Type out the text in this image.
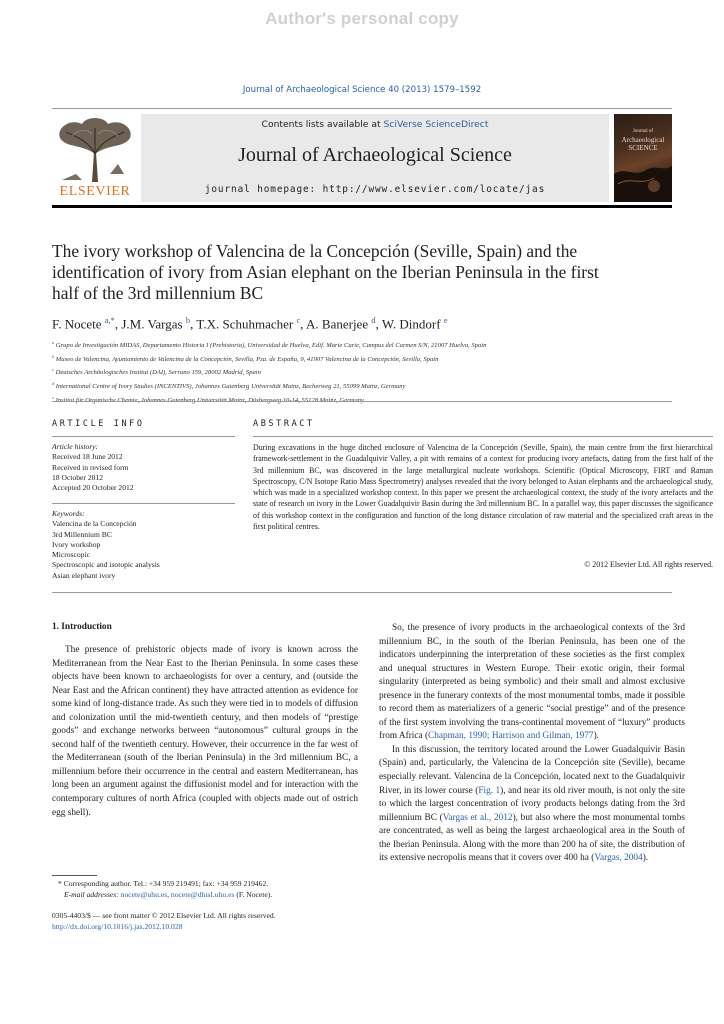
Author's personal copy
Journal of Archaeological Science 40 (2013) 1579–1592
ELSEVIER
Contents lists available at SciVerse ScienceDirect
Journal of Archaeological Science
journal homepage: http://www.elsevier.com/locate/jas
Journal of
Archaeological
SCIENCE
The ivory workshop of Valencina de la Concepción (Seville, Spain) and the
identification of ivory from Asian elephant on the Iberian Peninsula in the first
half of the 3rd millennium BC
F. Nocete $^{a,*}$, J.M. Vargas $^b$, T.X. Schuhmacher $^c$, A. Banerjee $^d$, W. Dindorf $^e$
$^a$ Grupo de Investigación MIDAS, Departamento Historia I (Prehistoria), Universidad de Huelva, Edif. Marie Curie, Campus del Carmen S/N, 21007 Huelva, Spain
$^b$ Museo de Valencina, Ayuntamiento de Valencina de la Concepción, Sevilla, Pza. de España, 9, 41907 Valencina de la Concepción, Sevilla, Spain
$^c$ Deutsches Archäologisches Institut (DAI), Serrano 159, 28002 Madrid, Spain
$^d$ International Centre of Ivory Studies (INCENTIVS), Johannes Gutenberg Universität Mainz, Becherweg 21, 55099 Mainz, Germany
$^e$
ARTICLE INFO	ABSTRACT
Article history:
Received 18 June 2012
Received in revised form
18 October 2012
Accepted 20 October 2012
Keywords:
Valencina de la Concepción
3rd Millennium BC
Ivory workshop
Microscopic
Spectroscopic and isotopic analysis
Asian elephant ivory
During excavations in the huge ditched enclosure of Valencina de la Concepción (Seville, Spain), the main centre from the first hierarchical framework-settlement in the Guadalquivir Valley, a pit with remains of a context for producing ivory artefacts, dating from the first half of the 3rd millennium BC, was discovered in the large metallurgical nucleate workshops. Scientific (Optical Microscopy, FIRT and Raman Spectroscopy, C/N Isotope Ratio Mass Spectrometry) analyses revealed that the ivory belonged to Asian elephants and the archaeological study, which was made in a specialized workshop context. In this paper we present the archaeological context, the study of the ivory artefacts and the state of research on ivory in the Lower Guadalquivir Basin during the 3rd millennium BC. In a parallel way, this paper discusses the significance of this workshop context in the configuration and function of the long distance circulation of raw material and the specialized craft areas in the first political centres.
© 2012 Elsevier Ltd. All rights reserved.
1. Introduction

The presence of prehistoric objects made of ivory is known across the Mediterranean from the Near East to the Iberian Peninsula. In some cases these objects have been known to archaeologists for over a century, and (outside the Near East and the African continent) they have attracted attention as evidence for some kind of long-distance trade. As such they were tied in to models of diffusion and colonization until the mid-twentieth century, and then models of “prestige goods” and exchange networks between “autonomous” cultural groups in the second half of the twentieth century. However, their occurrence in the far west of the Mediterranean (south of the Iberian Peninsula) in the 3rd millennium BC, a millennium before their occurrence in the central and eastern Mediterranean, has long been an argument against the diffusionist model and for interaction with the contemporary cultures of north Africa (coupled with objects made out of ostrich egg shell).

So, the presence of ivory products in the archaeological contexts of the 3rd millennium BC, in the south of the Iberian Peninsula, has been one of the indicators underpinning the interpretation of these societies as the first complex and unequal structures in Western Europe. Their exotic origin, their formal singularity (interpreted as being symbolic) and their small and almost exclusive presence in the funerary contexts of the most monumental tombs, made it possible to record them as materializers of a generic “social prestige” and of the presence of the first system involving the trans-continental movement of “luxury” products from Africa (Chapman, 1990; Harrison and Gilman, 1977).

In this discussion, the territory located around the Lower Guadalquivir Basin (Spain) and, particularly, the Valencina de la Concepción site (Seville), became especially relevant. Valencina de la Concepción, located next to the Guadalquivir River, in its lower course (Fig. 1), and near its old river mouth, is not only the site to which the largest concentration of ivory products belongs dating from the 3rd millennium BC (Vargas et al., 2012), but also where the most monumental tombs are concentrated, as well as being the largest archaeological area in the South of the Iberian Peninsula. Along with the more than 200 ha of site, the distribution of its extensive necropolis means that it covers over 400 ha (Vargas, 2004).

* Corresponding author. Tel.: +34 959 219491; fax: +34 959 219462.
E-mail addresses: nocete@uhu.es, nocete@dhisI.uhu.es (F. Nocete).
0305-4403/$ — see front matter © 2012 Elsevier Ltd. All rights reserved.
http://dx.doi.org/10.1016/j.jas.2012.10.028
